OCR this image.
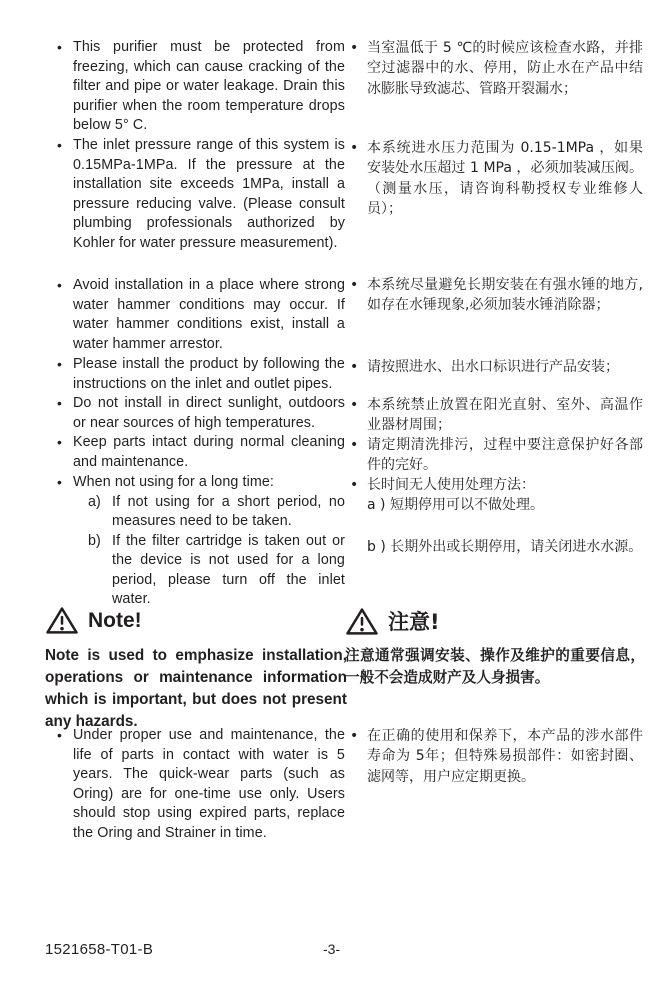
• This purifier must be protected from freezing, which can cause cracking of the filter and pipe or water leakage. Drain this purifier when the room temperature drops below 5° C.
• The inlet pressure range of this system is 0.15MPa-1MPa. If the pressure at the installation site exceeds 1MPa, install a pressure reducing valve. (Please consult plumbing professionals authorized by Kohler for water pressure measurement).
• Avoid installation in a place where strong water hammer conditions may occur. If water hammer conditions exist, install a water hammer arrestor.
• Please install the product by following the instructions on the inlet and outlet pipes.
• Do not install in direct sunlight, outdoors or near sources of high temperatures.
• Keep parts intact during normal cleaning and maintenance.
• When not using for a long time:
a) If not using for a short period, no measures need to be taken.
b) If the filter cartridge is taken out or the device is not used for a long period, please turn off the inlet water.
Note!
Note is used to emphasize installation, operations or maintenance information which is important, but does not present any hazards.
• Under proper use and maintenance, the life of parts in contact with water is 5 years. The quick-wear parts (such as Oring) are for one-time use only. Users should stop using expired parts, replace the Oring and Strainer in time.
• 当室温低于 5 ℃的时候应该检查水路，并排空过滤器中的水、停用，防止水在产品中结冰膨胀导致滤芯、管路开裂漏水；
• 本系统进水压力范围为 0.15-1MPa ，如果安装处水压超过 1 MPa ，必须加装减压阀。（测量水压，请咨询科勒授权专业维修人员）；
• 本系统尽量避免长期安装在有强水锤的地方,如存在水锤现象,必须加装水锤消除器；
• 请按照进水、出水口标识进行产品安装；
• 本系统禁止放置在阳光直射、室外、高温作业器材周围；
• 请定期清洗排污，过程中要注意保护好各部件的完好。
• 长时间无人使用处理方法：
a ) 短期停用可以不做处理。
b ) 长期外出或长期停用，请关闭进水水源。
注意!
注意通常强调安装、操作及维护的重要信息，一般不会造成财产及人身损害。
• 在正确的使用和保养下，本产品的涉水部件寿命为 5年；但特殊易损部件：如密封圈、滤网等，用户应定期更换。
1521658-T01-B	-3-
